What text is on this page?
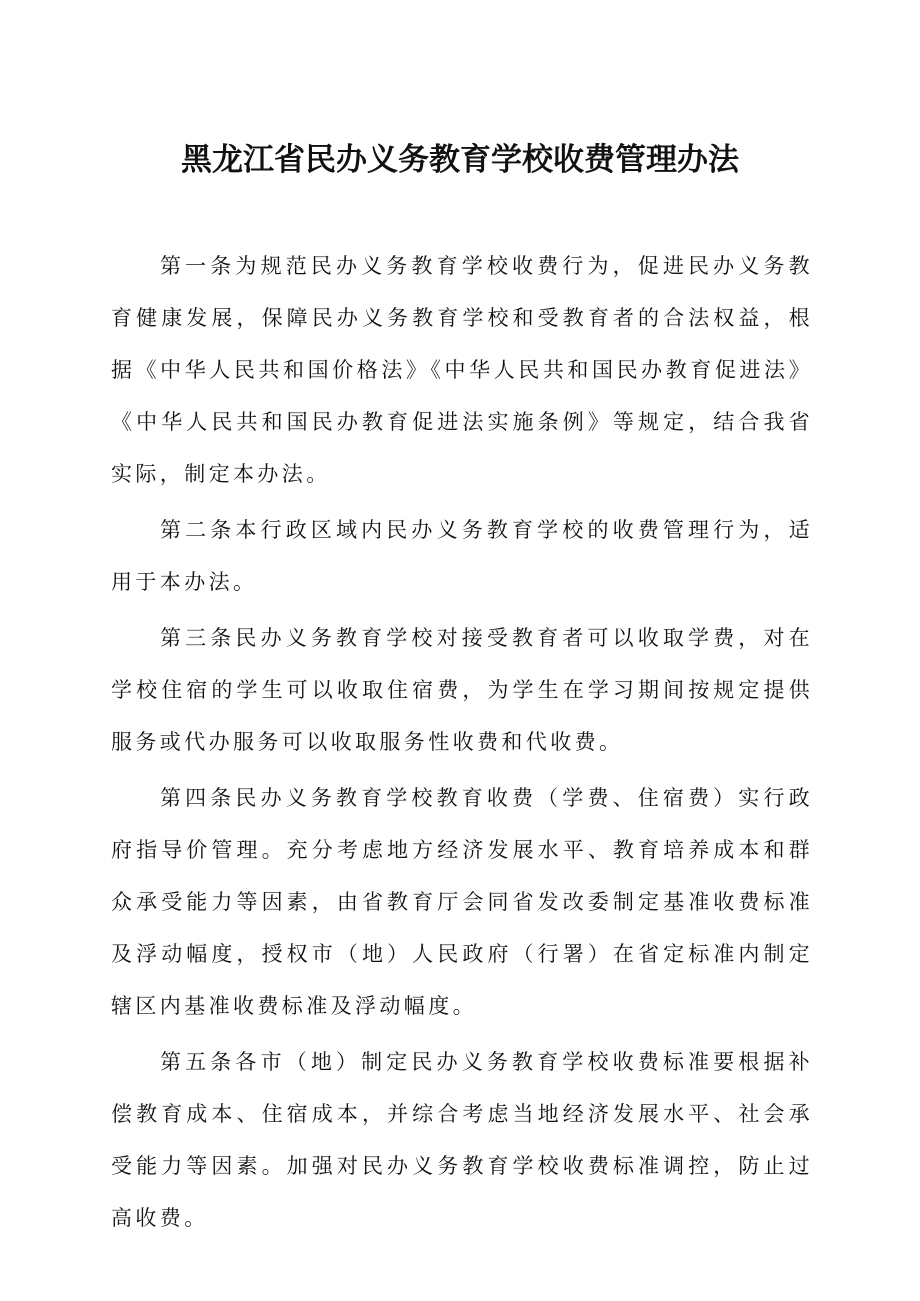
黑龙江省民办义务教育学校收费管理办法

第一条为规范民办义务教育学校收费行为，促进民办义务教育健康发展，保障民办义务教育学校和受教育者的合法权益，根据《中华人民共和国价格法》《中华人民共和国民办教育促进法》《中华人民共和国民办教育促进法实施条例》等规定，结合我省实际，制定本办法。

第二条本行政区域内民办义务教育学校的收费管理行为，适用于本办法。

第三条民办义务教育学校对接受教育者可以收取学费，对在学校住宿的学生可以收取住宿费，为学生在学习期间按规定提供服务或代办服务可以收取服务性收费和代收费。

第四条民办义务教育学校教育收费（学费、住宿费）实行政府指导价管理。充分考虑地方经济发展水平、教育培养成本和群众承受能力等因素，由省教育厅会同省发改委制定基准收费标准及浮动幅度，授权市（地）人民政府（行署）在省定标准内制定辖区内基准收费标准及浮动幅度。

第五条各市（地）制定民办义务教育学校收费标准要根据补偿教育成本、住宿成本，并综合考虑当地经济发展水平、社会承受能力等因素。加强对民办义务教育学校收费标准调控，防止过高收费。
